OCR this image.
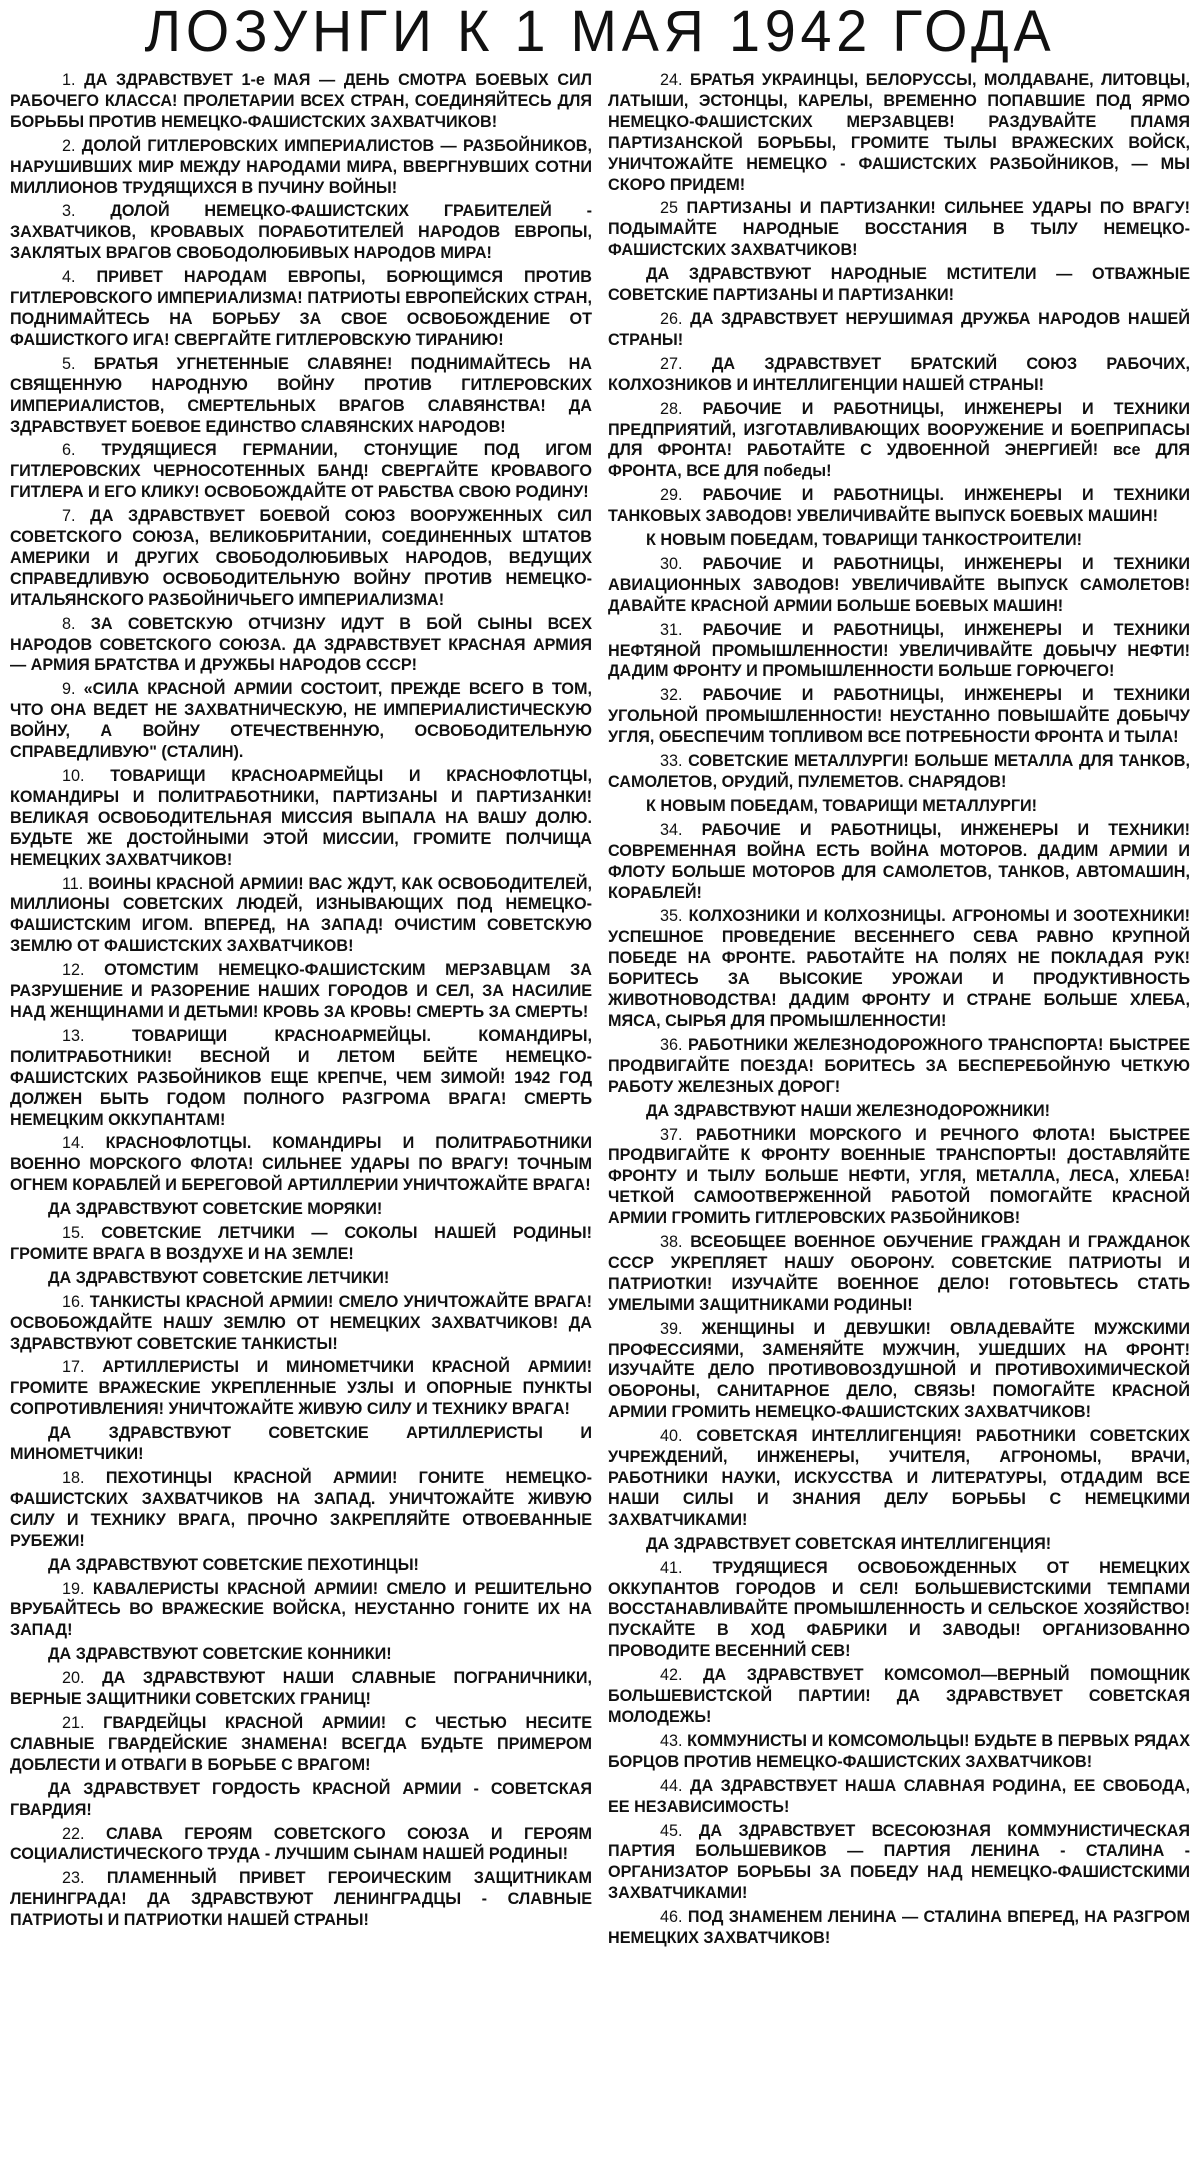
ЛОЗУНГИ К 1 МАЯ 1942 ГОДА

1. ДА ЗДРАВСТВУЕТ 1-е МАЯ — ДЕНЬ СМОТРА БОЕВЫХ СИЛ РАБОЧЕГО КЛАССА! ПРОЛЕТАРИИ ВСЕХ СТРАН, СОЕДИНЯЙТЕСЬ ДЛЯ БОРЬБЫ ПРОТИВ НЕМЕЦКО-ФАШИСТСКИХ ЗАХВАТЧИКОВ!

2. ДОЛОЙ ГИТЛЕРОВСКИХ ИМПЕРИАЛИСТОВ — РАЗБОЙНИКОВ, НАРУШИВШИХ МИР МЕЖДУ НАРОДАМИ МИРА, ВВЕРГНУВШИХ СОТНИ МИЛЛИОНОВ ТРУДЯЩИХСЯ В ПУЧИНУ ВОЙНЫ!

3. ДОЛОЙ НЕМЕЦКО-ФАШИСТСКИХ ГРАБИТЕЛЕЙ - ЗАХВАТЧИКОВ, КРОВАВЫХ ПОРАБОТИТЕЛЕЙ НАРОДОВ ЕВРОПЫ, ЗАКЛЯТЫХ ВРАГОВ СВОБОДОЛЮБИВЫХ НАРОДОВ МИРА!

4. ПРИВЕТ НАРОДАМ ЕВРОПЫ, БОРЮЩИМСЯ ПРОТИВ ГИТЛЕРОВСКОГО ИМПЕРИАЛИЗМА! ПАТРИОТЫ ЕВРОПЕЙСКИХ СТРАН, ПОДНИМАЙТЕСЬ НА БОРЬБУ ЗА СВОЕ ОСВОБОЖДЕНИЕ ОТ ФАШИСТКОГО ИГА! СВЕРГАЙТЕ ГИТЛЕРОВСКУЮ ТИРАНИЮ!

5. БРАТЬЯ УГНЕТЕННЫЕ СЛАВЯНЕ! ПОДНИМАЙТЕСЬ НА СВЯЩЕННУЮ НАРОДНУЮ ВОЙНУ ПРОТИВ ГИТЛЕРОВСКИХ ИМПЕРИАЛИСТОВ, СМЕРТЕЛЬНЫХ ВРАГОВ СЛАВЯНСТВА! ДА ЗДРАВСТВУЕТ БОЕВОЕ ЕДИНСТВО СЛАВЯНСКИХ НАРОДОВ!

6. ТРУДЯЩИЕСЯ ГЕРМАНИИ, СТОНУЩИЕ ПОД ИГОМ ГИТЛЕРОВСКИХ ЧЕРНОСОТЕННЫХ БАНД! СВЕРГАЙТЕ КРОВАВОГО ГИТЛЕРА И ЕГО КЛИКУ! ОСВОБОЖДАЙТЕ ОТ РАБСТВА СВОЮ РОДИНУ!

7. ДА ЗДРАВСТВУЕТ БОЕВОЙ СОЮЗ ВООРУЖЕННЫХ СИЛ СОВЕТСКОГО СОЮЗА, ВЕЛИКОБРИТАНИИ, СОЕДИНЕННЫХ ШТАТОВ АМЕРИКИ И ДРУГИХ СВОБОДОЛЮБИВЫХ НАРОДОВ, ВЕДУЩИХ СПРАВЕДЛИВУЮ ОСВОБОДИТЕЛЬНУЮ ВОЙНУ ПРОТИВ НЕМЕЦКО-ИТАЛЬЯНСКОГО РАЗБОЙНИЧЬЕГО ИМПЕРИАЛИЗМА!

8. ЗА СОВЕТСКУЮ ОТЧИЗНУ ИДУТ В БОЙ СЫНЫ ВСЕХ НАРОДОВ СОВЕТСКОГО СОЮЗА. ДА ЗДРАВСТВУЕТ КРАСНАЯ АРМИЯ — АРМИЯ БРАТСТВА И ДРУЖБЫ НАРОДОВ СССР!

9. «СИЛА КРАСНОЙ АРМИИ СОСТОИТ, ПРЕЖДЕ ВСЕГО В ТОМ, ЧТО ОНА ВЕДЕТ НЕ ЗАХВАТНИЧЕСКУЮ, НЕ ИМПЕРИАЛИСТИЧЕСКУЮ ВОЙНУ, А ВОЙНУ ОТЕЧЕСТВЕННУЮ, ОСВОБОДИТЕЛЬНУЮ СПРАВЕДЛИВУЮ" (СТАЛИН).

10. ТОВАРИЩИ КРАСНОАРМЕЙЦЫ И КРАСНОФЛОТЦЫ, КОМАНДИРЫ И ПОЛИТРАБОТНИКИ, ПАРТИЗАНЫ И ПАРТИЗАНКИ! ВЕЛИКАЯ ОСВОБОДИТЕЛЬНАЯ МИССИЯ ВЫПАЛА НА ВАШУ ДОЛЮ. БУДЬТЕ ЖЕ ДОСТОЙНЫМИ ЭТОЙ МИССИИ, ГРОМИТЕ ПОЛЧИЩА НЕМЕЦКИХ ЗАХВАТЧИКОВ!

11. ВОИНЫ КРАСНОЙ АРМИИ! ВАС ЖДУТ, КАК ОСВОБОДИТЕЛЕЙ, МИЛЛИОНЫ СОВЕТСКИХ ЛЮДЕЙ, ИЗНЫВАЮЩИХ ПОД НЕМЕЦКО-ФАШИСТСКИМ ИГОМ. ВПЕРЕД, НА ЗАПАД! ОЧИСТИМ СОВЕТСКУЮ ЗЕМЛЮ ОТ ФАШИСТСКИХ ЗАХВАТЧИКОВ!

12. ОТОМСТИМ НЕМЕЦКО-ФАШИСТСКИМ МЕРЗАВЦАМ ЗА РАЗРУШЕНИЕ И РАЗОРЕНИЕ НАШИХ ГОРОДОВ И СЕЛ, ЗА НАСИЛИЕ НАД ЖЕНЩИНАМИ И ДЕТЬМИ! КРОВЬ ЗА КРОВЬ! СМЕРТЬ ЗА СМЕРТЬ!

13.	ТОВАРИЩИ КРАСНОАРМЕЙЦЫ. КОМАНДИРЫ, ПОЛИТРАБОТНИКИ! ВЕСНОЙ И ЛЕТОМ БЕЙТЕ НЕМЕЦКО-ФАШИСТСКИХ РАЗБОЙНИКОВ ЕЩЕ КРЕПЧЕ, ЧЕМ ЗИМОЙ! 1942 ГОД ДОЛЖЕН БЫТЬ ГОДОМ ПОЛНОГО РАЗГРОМА ВРАГА! СМЕРТЬ НЕМЕЦКИМ ОККУПАНТАМ!

14. КРАСНОФЛОТЦЫ. КОМАНДИРЫ И ПОЛИТРАБОТНИКИ ВОЕННО МОРСКОГО ФЛОТА! СИЛЬНЕЕ УДАРЫ ПО ВРАГУ! ТОЧНЫМ ОГНЕМ КОРАБЛЕЙ И БЕРЕГОВОЙ АРТИЛЛЕРИИ УНИЧТОЖАЙТЕ ВРАГА!

ДА ЗДРАВСТВУЮТ СОВЕТСКИЕ МОРЯКИ!

15. СОВЕТСКИЕ ЛЕТЧИКИ — СОКОЛЫ НАШЕЙ РОДИНЫ! ГРОМИТЕ ВРАГА В ВОЗДУХЕ И НА ЗЕМЛЕ!

ДА ЗДРАВСТВУЮТ СОВЕТСКИЕ ЛЕТЧИКИ!

16. ТАНКИСТЫ КРАСНОЙ АРМИИ! СМЕЛО УНИЧТОЖАЙТЕ ВРАГА! ОСВОБОЖДАЙТЕ НАШУ ЗЕМЛЮ ОТ НЕМЕЦКИХ ЗАХВАТЧИКОВ! ДА ЗДРАВСТВУЮТ СОВЕТСКИЕ ТАНКИСТЫ!

17. АРТИЛЛЕРИСТЫ И МИНОМЕТЧИКИ КРАСНОЙ АРМИИ! ГРОМИТЕ ВРАЖЕСКИЕ УКРЕПЛЕННЫЕ УЗЛЫ И ОПОРНЫЕ ПУНКТЫ СОПРОТИВЛЕНИЯ! УНИЧТОЖАЙТЕ ЖИВУЮ СИЛУ И ТЕХНИКУ ВРАГА!

ДА ЗДРАВСТВУЮТ СОВЕТСКИЕ АРТИЛЛЕРИСТЫ И МИНОМЕТЧИКИ!

18. ПЕХОТИНЦЫ КРАСНОЙ АРМИИ! ГОНИТЕ НЕМЕЦКО-ФАШИСТСКИХ ЗАХВАТЧИКОВ НА ЗАПАД. УНИЧТОЖАЙТЕ ЖИВУЮ СИЛУ И ТЕХНИКУ ВРАГА, ПРОЧНО ЗАКРЕПЛЯЙТЕ ОТВОЕВАННЫЕ РУБЕЖИ!

ДА ЗДРАВСТВУЮТ СОВЕТСКИЕ ПЕХОТИНЦЫ!

19. КАВАЛЕРИСТЫ КРАСНОЙ АРМИИ! СМЕЛО И РЕШИТЕЛЬНО ВРУБАЙТЕСЬ ВО ВРАЖЕСКИЕ ВОЙСКА, НЕУСТАННО ГОНИТЕ ИХ НА ЗАПАД!

ДА ЗДРАВСТВУЮТ СОВЕТСКИЕ КОННИКИ!

20. ДА ЗДРАВСТВУЮТ НАШИ СЛАВНЫЕ ПОГРАНИЧНИКИ, ВЕРНЫЕ ЗАЩИТНИКИ СОВЕТСКИХ ГРАНИЦ!

21. ГВАРДЕЙЦЫ КРАСНОЙ АРМИИ! С ЧЕСТЬЮ НЕСИТЕ СЛАВНЫЕ ГВАРДЕЙСКИЕ ЗНАМЕНА! ВСЕГДА БУДЬТЕ ПРИМЕРОМ ДОБЛЕСТИ И ОТВАГИ В БОРЬБЕ С ВРАГОМ!

ДА ЗДРАВСТВУЕТ ГОРДОСТЬ КРАСНОЙ АРМИИ - СОВЕТСКАЯ ГВАРДИЯ!

22. СЛАВА ГЕРОЯМ СОВЕТСКОГО СОЮЗА И ГЕРОЯМ СОЦИАЛИСТИЧЕСКОГО ТРУДА - ЛУЧШИМ СЫНАМ НАШЕЙ РОДИНЫ!

23. ПЛАМЕННЫЙ ПРИВЕТ ГЕРОИЧЕСКИМ ЗАЩИТНИКАМ ЛЕНИНГРАДА! ДА ЗДРАВСТВУЮТ ЛЕНИНГРАДЦЫ - СЛАВНЫЕ ПАТРИОТЫ И ПАТРИОТКИ НАШЕЙ СТРАНЫ!

24. БРАТЬЯ УКРАИНЦЫ, БЕЛОРУССЫ, МОЛДАВАНЕ, ЛИТОВЦЫ, ЛАТЫШИ, ЭСТОНЦЫ, КАРЕЛЫ, ВРЕМЕННО ПОПАВШИЕ ПОД ЯРМО НЕМЕЦКО-ФАШИСТСКИХ МЕРЗАВЦЕВ! РАЗДУВАЙТЕ ПЛАМЯ ПАРТИЗАНСКОЙ БОРЬБЫ, ГРОМИТЕ ТЫЛЫ ВРАЖЕСКИХ ВОЙСК, УНИЧТОЖАЙТЕ НЕМЕЦКО - ФАШИСТСКИХ РАЗБОЙНИКОВ, — МЫ СКОРО ПРИДЕМ!

25 ПАРТИЗАНЫ И ПАРТИЗАНКИ! СИЛЬНЕЕ УДАРЫ ПО ВРАГУ! ПОДЫМАЙТЕ НАРОДНЫЕ ВОССТАНИЯ В ТЫЛУ НЕМЕЦКО-ФАШИСТСКИХ ЗАХВАТЧИКОВ!

ДА ЗДРАВСТВУЮТ НАРОДНЫЕ МСТИТЕЛИ — ОТВАЖНЫЕ СОВЕТСКИЕ ПАРТИЗАНЫ И ПАРТИЗАНКИ!

26. ДА ЗДРАВСТВУЕТ НЕРУШИМАЯ ДРУЖБА НАРОДОВ НАШЕЙ СТРАНЫ!

27. ДА ЗДРАВСТВУЕТ БРАТСКИЙ СОЮЗ РАБОЧИХ, КОЛХОЗНИКОВ И ИНТЕЛЛИГЕНЦИИ НАШЕЙ СТРАНЫ!

28. РАБОЧИЕ И РАБОТНИЦЫ, ИНЖЕНЕРЫ И ТЕХНИКИ ПРЕДПРИЯТИЙ, ИЗГОТАВЛИВАЮЩИХ ВООРУЖЕНИЕ И БОЕПРИПАСЫ ДЛЯ ФРОНТА! РАБОТАЙТЕ С УДВОЕННОЙ ЭНЕРГИЕЙ! все ДЛЯ ФРОНТА, ВСЕ ДЛЯ победы!

29. РАБОЧИЕ И РАБОТНИЦЫ. ИНЖЕНЕРЫ И ТЕХНИКИ ТАНКОВЫХ ЗАВОДОВ! УВЕЛИЧИВАЙТЕ ВЫПУСК БОЕВЫХ МАШИН!

К НОВЫМ ПОБЕДАМ, ТОВАРИЩИ ТАНКОСТРОИТЕЛИ!

30. РАБОЧИЕ И РАБОТНИЦЫ, ИНЖЕНЕРЫ И ТЕХНИКИ АВИАЦИОННЫХ ЗАВОДОВ! УВЕЛИЧИВАЙТЕ ВЫПУСК САМОЛЕТОВ! ДАВАЙТЕ КРАСНОЙ АРМИИ БОЛЬШЕ БОЕВЫХ МАШИН!

31. РАБОЧИЕ И РАБОТНИЦЫ, ИНЖЕНЕРЫ И ТЕХНИКИ НЕФТЯНОЙ ПРОМЫШЛЕННОСТИ! УВЕЛИЧИВАЙТЕ ДОБЫЧУ НЕФТИ! ДАДИМ ФРОНТУ И ПРОМЫШЛЕННОСТИ БОЛЬШЕ ГОРЮЧЕГО!

32. РАБОЧИЕ И РАБОТНИЦЫ, ИНЖЕНЕРЫ И ТЕХНИКИ УГОЛЬНОЙ ПРОМЫШЛЕННОСТИ! НЕУСТАННО ПОВЫШАЙТЕ ДОБЫЧУ УГЛЯ, ОБЕСПЕЧИМ ТОПЛИВОМ ВСЕ ПОТРЕБНОСТИ ФРОНТА И ТЫЛА!

33. СОВЕТСКИЕ МЕТАЛЛУРГИ! БОЛЬШЕ МЕТАЛЛА ДЛЯ ТАНКОВ, САМОЛЕТОВ, ОРУДИЙ, ПУЛЕМЕТОВ. СНАРЯДОВ!

К НОВЫМ ПОБЕДАМ, ТОВАРИЩИ МЕТАЛЛУРГИ!

34. РАБОЧИЕ И РАБОТНИЦЫ, ИНЖЕНЕРЫ И ТЕХНИКИ! СОВРЕМЕННАЯ ВОЙНА ЕСТЬ ВОЙНА МОТОРОВ. ДАДИМ АРМИИ И ФЛОТУ БОЛЬШЕ МОТОРОВ ДЛЯ САМОЛЕТОВ, ТАНКОВ, АВТОМАШИН, КОРАБЛЕЙ!

35. КОЛХОЗНИКИ И КОЛХОЗНИЦЫ. АГРОНОМЫ И ЗООТЕХНИКИ! УСПЕШНОЕ ПРОВЕДЕНИЕ ВЕСЕННЕГО СЕВА РАВНО КРУПНОЙ ПОБЕДЕ НА ФРОНТЕ. РАБОТАЙТЕ НА ПОЛЯХ НЕ ПОКЛАДАЯ РУК! БОРИТЕСЬ ЗА ВЫСОКИЕ УРОЖАИ И ПРОДУКТИВНОСТЬ ЖИВОТНОВОДСТВА! ДАДИМ ФРОНТУ И СТРАНЕ БОЛЬШЕ ХЛЕБА, МЯСА, СЫРЬЯ ДЛЯ ПРОМЫШЛЕННОСТИ!

36. РАБОТНИКИ ЖЕЛЕЗНОДОРОЖНОГО ТРАНСПОРТА! БЫСТРЕЕ ПРОДВИГАЙТЕ ПОЕЗДА! БОРИТЕСЬ ЗА БЕСПЕРЕБОЙНУЮ ЧЕТКУЮ РАБОТУ ЖЕЛЕЗНЫХ ДОРОГ!

ДА ЗДРАВСТВУЮТ НАШИ ЖЕЛЕЗНОДОРОЖНИКИ!

37. РАБОТНИКИ МОРСКОГО И РЕЧНОГО ФЛОТА! БЫСТРЕЕ ПРОДВИГАЙТЕ К ФРОНТУ ВОЕННЫЕ ТРАНСПОРТЫ! ДОСТАВЛЯЙТЕ ФРОНТУ И ТЫЛУ БОЛЬШЕ НЕФТИ, УГЛЯ, МЕТАЛЛА, ЛЕСА, ХЛЕБА! ЧЕТКОЙ САМООТВЕРЖЕННОЙ РАБОТОЙ ПОМОГАЙТЕ КРАСНОЙ АРМИИ ГРОМИТЬ ГИТЛЕРОВСКИХ РАЗБОЙНИКОВ!

38. ВСЕОБЩЕЕ ВОЕННОЕ ОБУЧЕНИЕ ГРАЖДАН И ГРАЖДАНОК СССР УКРЕПЛЯЕТ НАШУ ОБОРОНУ. СОВЕТСКИЕ ПАТРИОТЫ И ПАТРИОТКИ! ИЗУЧАЙТЕ ВОЕННОЕ ДЕЛО! ГОТОВЬТЕСЬ СТАТЬ УМЕЛЫМИ ЗАЩИТНИКАМИ РОДИНЫ!

39. ЖЕНЩИНЫ И ДЕВУШКИ! ОВЛАДЕВАЙТЕ МУЖСКИМИ ПРОФЕССИЯМИ, ЗАМЕНЯЙТЕ МУЖЧИН, УШЕДШИХ НА ФРОНТ! ИЗУЧАЙТЕ ДЕЛО ПРОТИВОВОЗДУШНОЙ И ПРОТИВОХИМИЧЕСКОЙ ОБОРОНЫ, САНИТАРНОЕ ДЕЛО, СВЯЗЬ! ПОМОГАЙТЕ КРАСНОЙ АРМИИ ГРОМИТЬ НЕМЕЦКО-ФАШИСТСКИХ ЗАХВАТЧИКОВ!

40. СОВЕТСКАЯ ИНТЕЛЛИГЕНЦИЯ! РАБОТНИКИ СОВЕТСКИХ УЧРЕЖДЕНИЙ, ИНЖЕНЕРЫ, УЧИТЕЛЯ, АГРОНОМЫ, ВРАЧИ, РАБОТНИКИ НАУКИ, ИСКУССТВА И ЛИТЕРАТУРЫ, ОТДАДИМ ВСЕ НАШИ СИЛЫ И ЗНАНИЯ ДЕЛУ БОРЬБЫ С НЕМЕЦКИМИ ЗАХВАТЧИКАМИ!

ДА ЗДРАВСТВУЕТ СОВЕТСКАЯ ИНТЕЛЛИГЕНЦИЯ!

41. ТРУДЯЩИЕСЯ ОСВОБОЖДЕННЫХ ОТ НЕМЕЦКИХ ОККУПАНТОВ ГОРОДОВ И СЕЛ! БОЛЬШЕВИСТСКИМИ ТЕМПАМИ ВОССТАНАВЛИВАЙТЕ ПРОМЫШЛЕННОСТЬ И СЕЛЬСКОЕ ХОЗЯЙСТВО! ПУСКАЙТЕ В ХОД ФАБРИКИ И ЗАВОДЫ! ОРГАНИЗОВАННО ПРОВОДИТЕ ВЕСЕННИЙ СЕВ!

42. ДА ЗДРАВСТВУЕТ КОМСОМОЛ—ВЕРНЫЙ ПОМОЩНИК БОЛЬШЕВИСТСКОЙ ПАРТИИ! ДА ЗДРАВСТВУЕТ СОВЕТСКАЯ МОЛОДЕЖЬ!

43. КОММУНИСТЫ И КОМСОМОЛЬЦЫ! БУДЬТЕ В ПЕРВЫХ РЯДАХ БОРЦОВ ПРОТИВ НЕМЕЦКО-ФАШИСТСКИХ ЗАХВАТЧИКОВ!

44. ДА ЗДРАВСТВУЕТ НАША СЛАВНАЯ РОДИНА, ЕЕ СВОБОДА, ЕЕ НЕЗАВИСИМОСТЬ!

45. ДА ЗДРАВСТВУЕТ ВСЕСОЮЗНАЯ КОММУНИСТИЧЕСКАЯ ПАРТИЯ БОЛЬШЕВИКОВ — ПАРТИЯ ЛЕНИНА - СТАЛИНА - ОРГАНИЗАТОР БОРЬБЫ ЗА ПОБЕДУ НАД НЕМЕЦКО-ФАШИСТСКИМИ ЗАХВАТЧИКАМИ!

46. ПОД ЗНАМЕНЕМ ЛЕНИНА — СТАЛИНА ВПЕРЕД, НА РАЗГРОМ НЕМЕЦКИХ ЗАХВАТЧИКОВ!
